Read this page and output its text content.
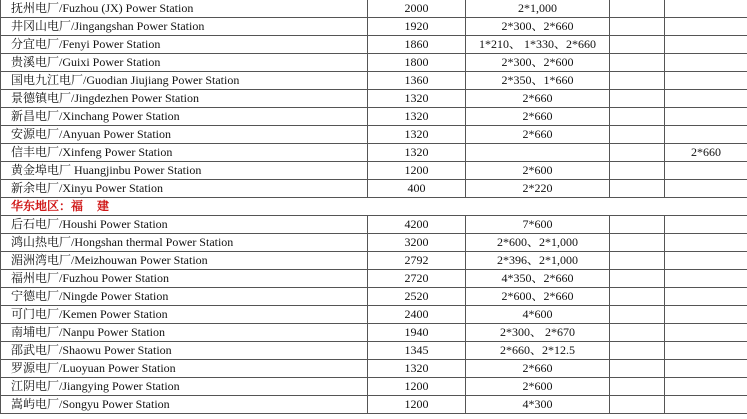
抚州电厂/Fuzhou (JX) Power Station	2000	2*1,000		
井冈山电厂/Jingangshan Power Station	1920	2*300、2*660		
分宜电厂/Fenyi Power Station	1860	1*210、 1*330、2*660		
贵溪电厂/Guixi Power Station	1800	2*300、2*600		
国电九江电厂/Guodian Jiujiang Power Station	1360	2*350、1*660		
景德镇电厂/Jingdezhen Power Station	1320	2*660		
新昌电厂/Xinchang Power Station	1320	2*660		
安源电厂/Anyuan Power Station	1320	2*660		
信丰电厂/Xinfeng Power Station	1320			2*660
黄金埠电厂 Huangjinbu Power Station	1200	2*600		
新余电厂/Xinyu Power Station	400	2*220		
华东地区：福 建				
后石电厂/Houshi Power Station	4200	7*600		
鸿山热电厂/Hongshan thermal Power Station	3200	2*600、2*1,000		
湄洲湾电厂/Meizhouwan Power Station	2792	2*396、2*1,000		
福州电厂/Fuzhou Power Station	2720	4*350、2*660		
宁德电厂/Ningde Power Station	2520	2*600、2*660		
可门电厂/Kemen Power Station	2400	4*600		
南埔电厂/Nanpu Power Station	1940	2*300、 2*670		
邵武电厂/Shaowu Power Station	1345	2*660、2*12.5		
罗源电厂/Luoyuan Power Station	1320	2*660		
江阴电厂/Jiangying Power Station	1200	2*600		
嵩屿电厂/Songyu Power Station	1200	4*300		
